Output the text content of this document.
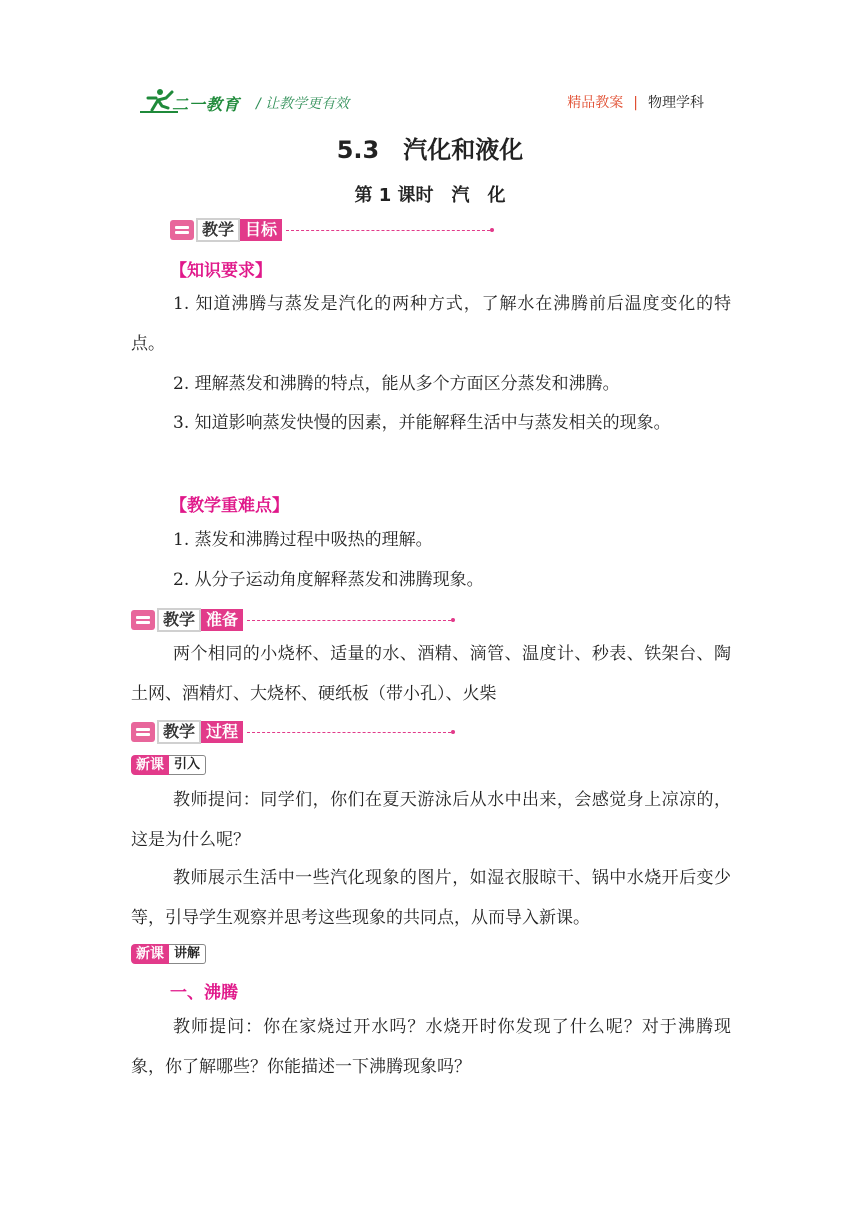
二一教育 / 让教学更有效	精品教案 | 物理学科
5.3　汽化和液化
第 1 课时　汽　化
教学 目标
【知识要求】
1. 知道沸腾与蒸发是汽化的两种方式，了解水在沸腾前后温度变化的特点。
2. 理解蒸发和沸腾的特点，能从多个方面区分蒸发和沸腾。
3. 知道影响蒸发快慢的因素，并能解释生活中与蒸发相关的现象。
【教学重难点】
1. 蒸发和沸腾过程中吸热的理解。
2. 从分子运动角度解释蒸发和沸腾现象。
教学 准备
两个相同的小烧杯、适量的水、酒精、滴管、温度计、秒表、铁架台、陶土网、酒精灯、大烧杯、硬纸板（带小孔）、火柴
教学 过程
新课 引入
教师提问：同学们，你们在夏天游泳后从水中出来，会感觉身上凉凉的，这是为什么呢？
教师展示生活中一些汽化现象的图片，如湿衣服晾干、锅中水烧开后变少等，引导学生观察并思考这些现象的共同点，从而导入新课。
新课 讲解
一、沸腾
教师提问：你在家烧过开水吗？水烧开时你发现了什么呢？对于沸腾现象，你了解哪些？你能描述一下沸腾现象吗？
